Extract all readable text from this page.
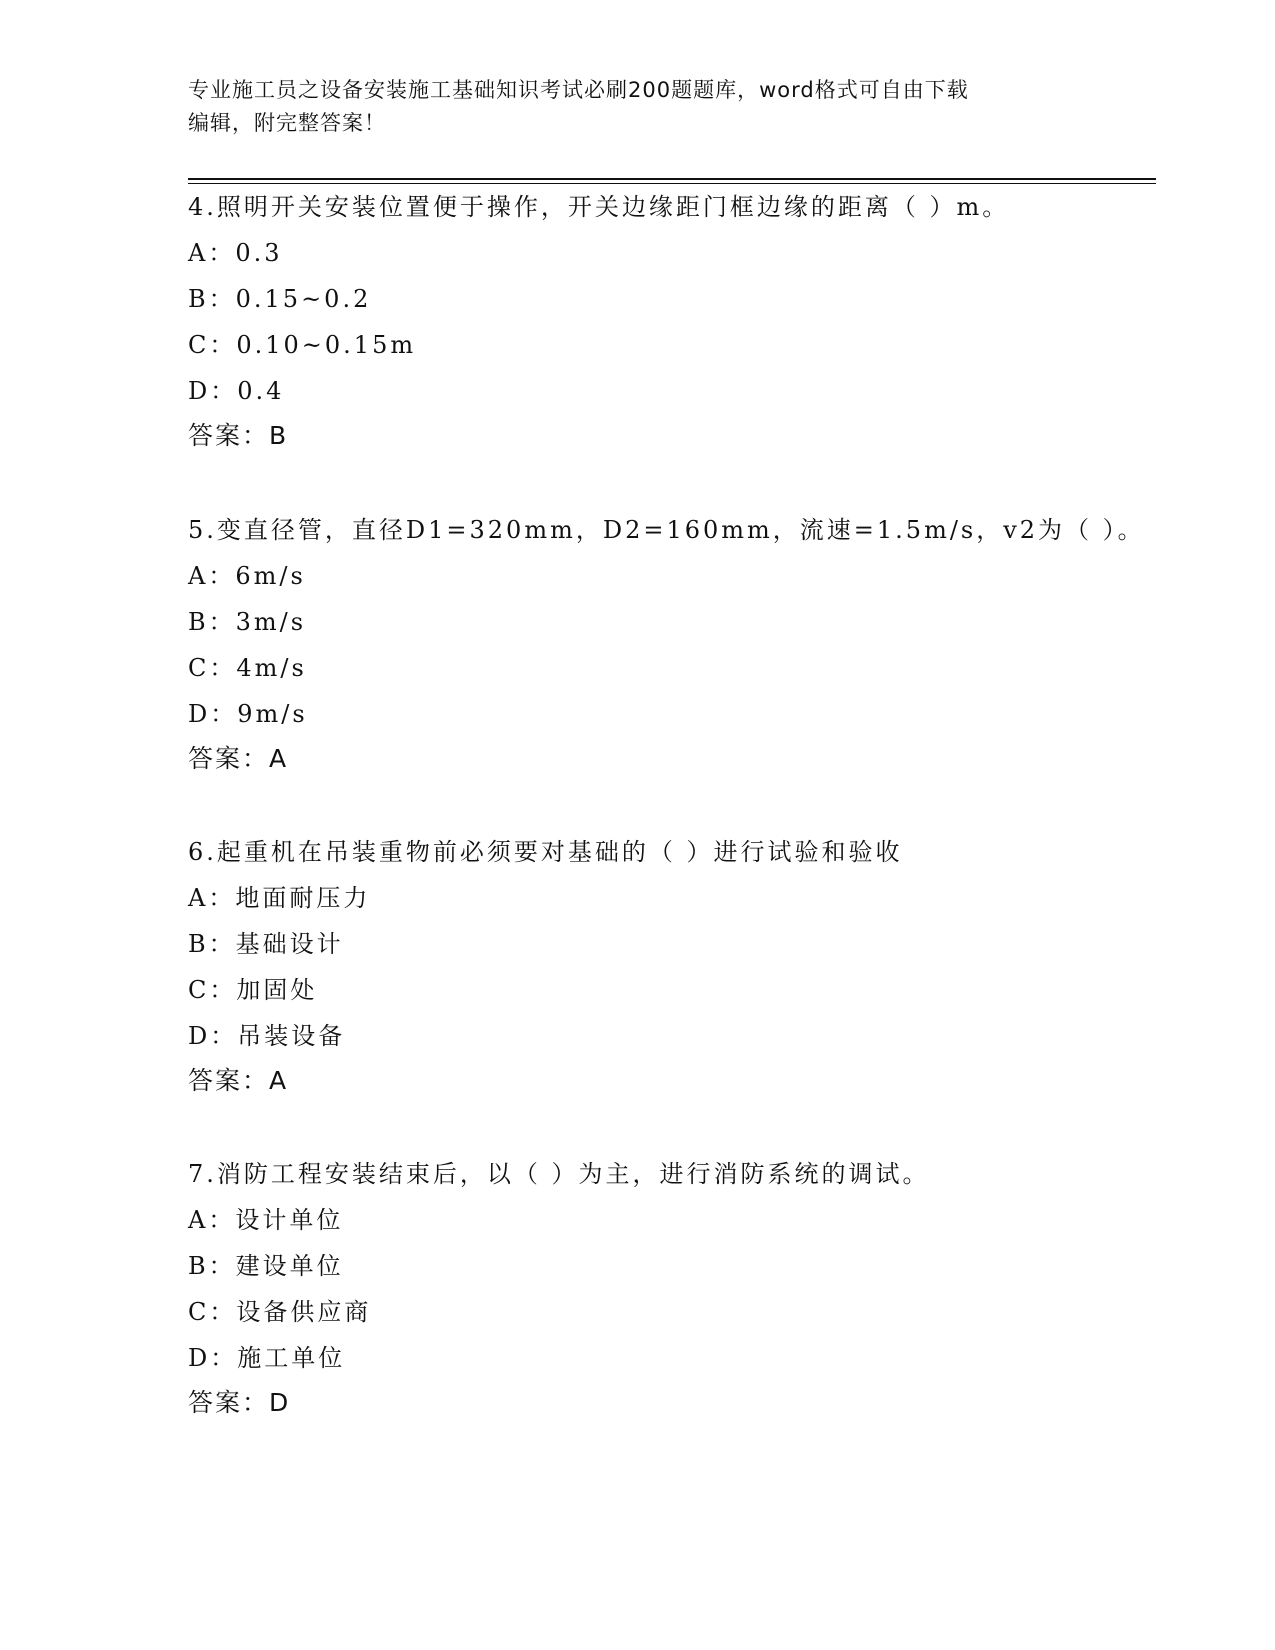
专业施工员之设备安装施工基础知识考试必刷200题题库，word格式可自由下载
编辑，附完整答案！
4.照明开关安装位置便于操作，开关边缘距门框边缘的距离（ ）m。
A：0.3
B：0.15~0.2
C：0.10~0.15m
D：0.4
答案：B
5.变直径管，直径D1=320mm，D2=160mm，流速=1.5m/s，v2为（ ）。
A：6m/s
B：3m/s
C：4m/s
D：9m/s
答案：A
6.起重机在吊装重物前必须要对基础的（ ）进行试验和验收
A：地面耐压力
B：基础设计
C：加固处
D：吊装设备
答案：A
7.消防工程安装结束后，以（ ）为主，进行消防系统的调试。
A：设计单位
B：建设单位
C：设备供应商
D：施工单位
答案：D
